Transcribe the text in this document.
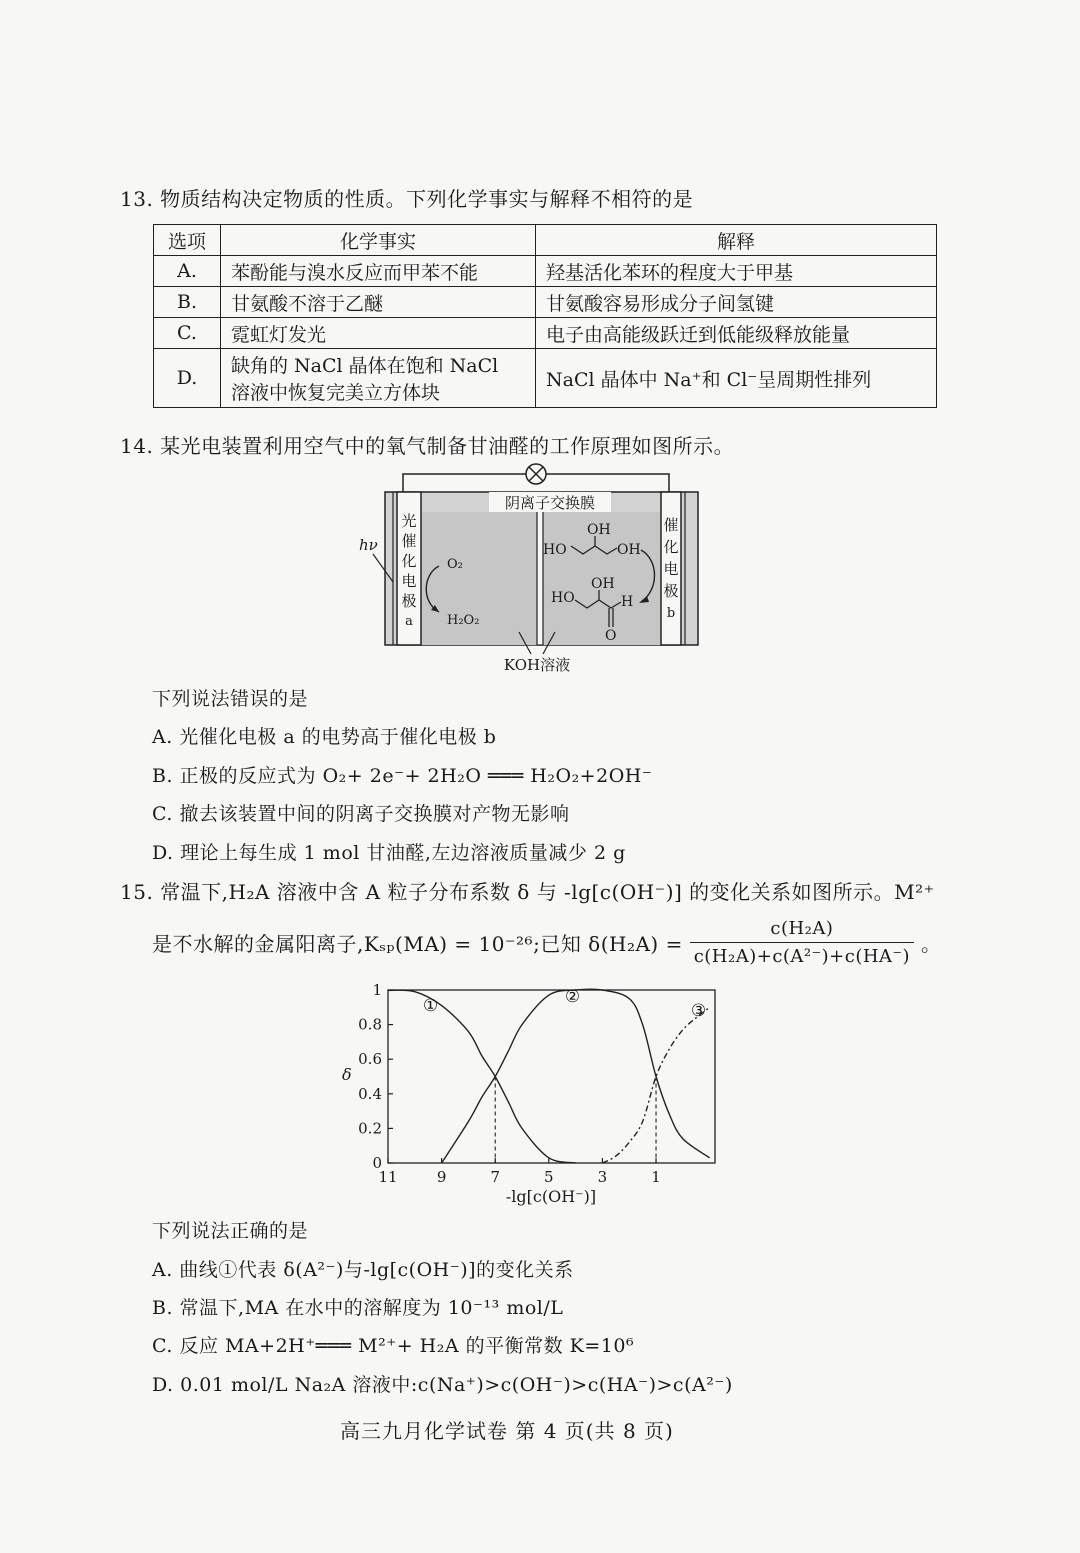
13. 物质结构决定物质的性质。下列化学事实与解释不相符的是
选项	化学事实	解释
A.	苯酚能与溴水反应而甲苯不能	羟基活化苯环的程度大于甲基
B.	甘氨酸不溶于乙醚	甘氨酸容易形成分子间氢键
C.	霓虹灯发光	电子由高能级跃迁到低能级释放能量
D.	缺角的 NaCl 晶体在饱和 NaCl
溶液中恢复完美立方体块	NaCl 晶体中 Na⁺和 Cl⁻呈周期性排列
14. 某光电装置利用空气中的氧气制备甘油醛的工作原理如图所示。
阴离子交换膜
光
催
化
电
极
a
催
化
电
极
b
hν
O₂
H₂O₂
HO
OH
OH
HO
OH
H
O
KOH溶液
下列说法错误的是
A. 光催化电极 a 的电势高于催化电极 b
B. 正极的反应式为 O₂+ 2e⁻+ 2H₂O ═══ H₂O₂+2OH⁻
C. 撤去该装置中间的阴离子交换膜对产物无影响
D. 理论上每生成 1 mol 甘油醛,左边溶液质量减少 2 g
15. 常温下,H₂A 溶液中含 A 粒子分布系数 δ 与 -lg[c(OH⁻)] 的变化关系如图所示。M²⁺
是不水解的金属阳离子,Kₛₚ(MA) = 10⁻²⁶;已知 $\delta(H_2A) = \frac{\text{c(H₂A)}}{\text{c(H₂A)+c(A²⁻)+c(HA⁻)}}$ 。
0
0.2
0.4
0.6
0.8
1
11	9	7	5	3	1
①	②
③
δ
-lg[c(OH⁻)]
下列说法正确的是
A. 曲线①代表 δ(A²⁻)与-lg[c(OH⁻)]的变化关系
B. 常温下,MA 在水中的溶解度为 10⁻¹³ mol/L
C. 反应 MA+2H⁺═══ M²⁺+ H₂A 的平衡常数 K=10⁶
D. 0.01 mol/L Na₂A 溶液中:c(Na⁺)>c(OH⁻)>c(HA⁻)>c(A²⁻)
高三九月化学试卷 第 4 页(共 8 页)
